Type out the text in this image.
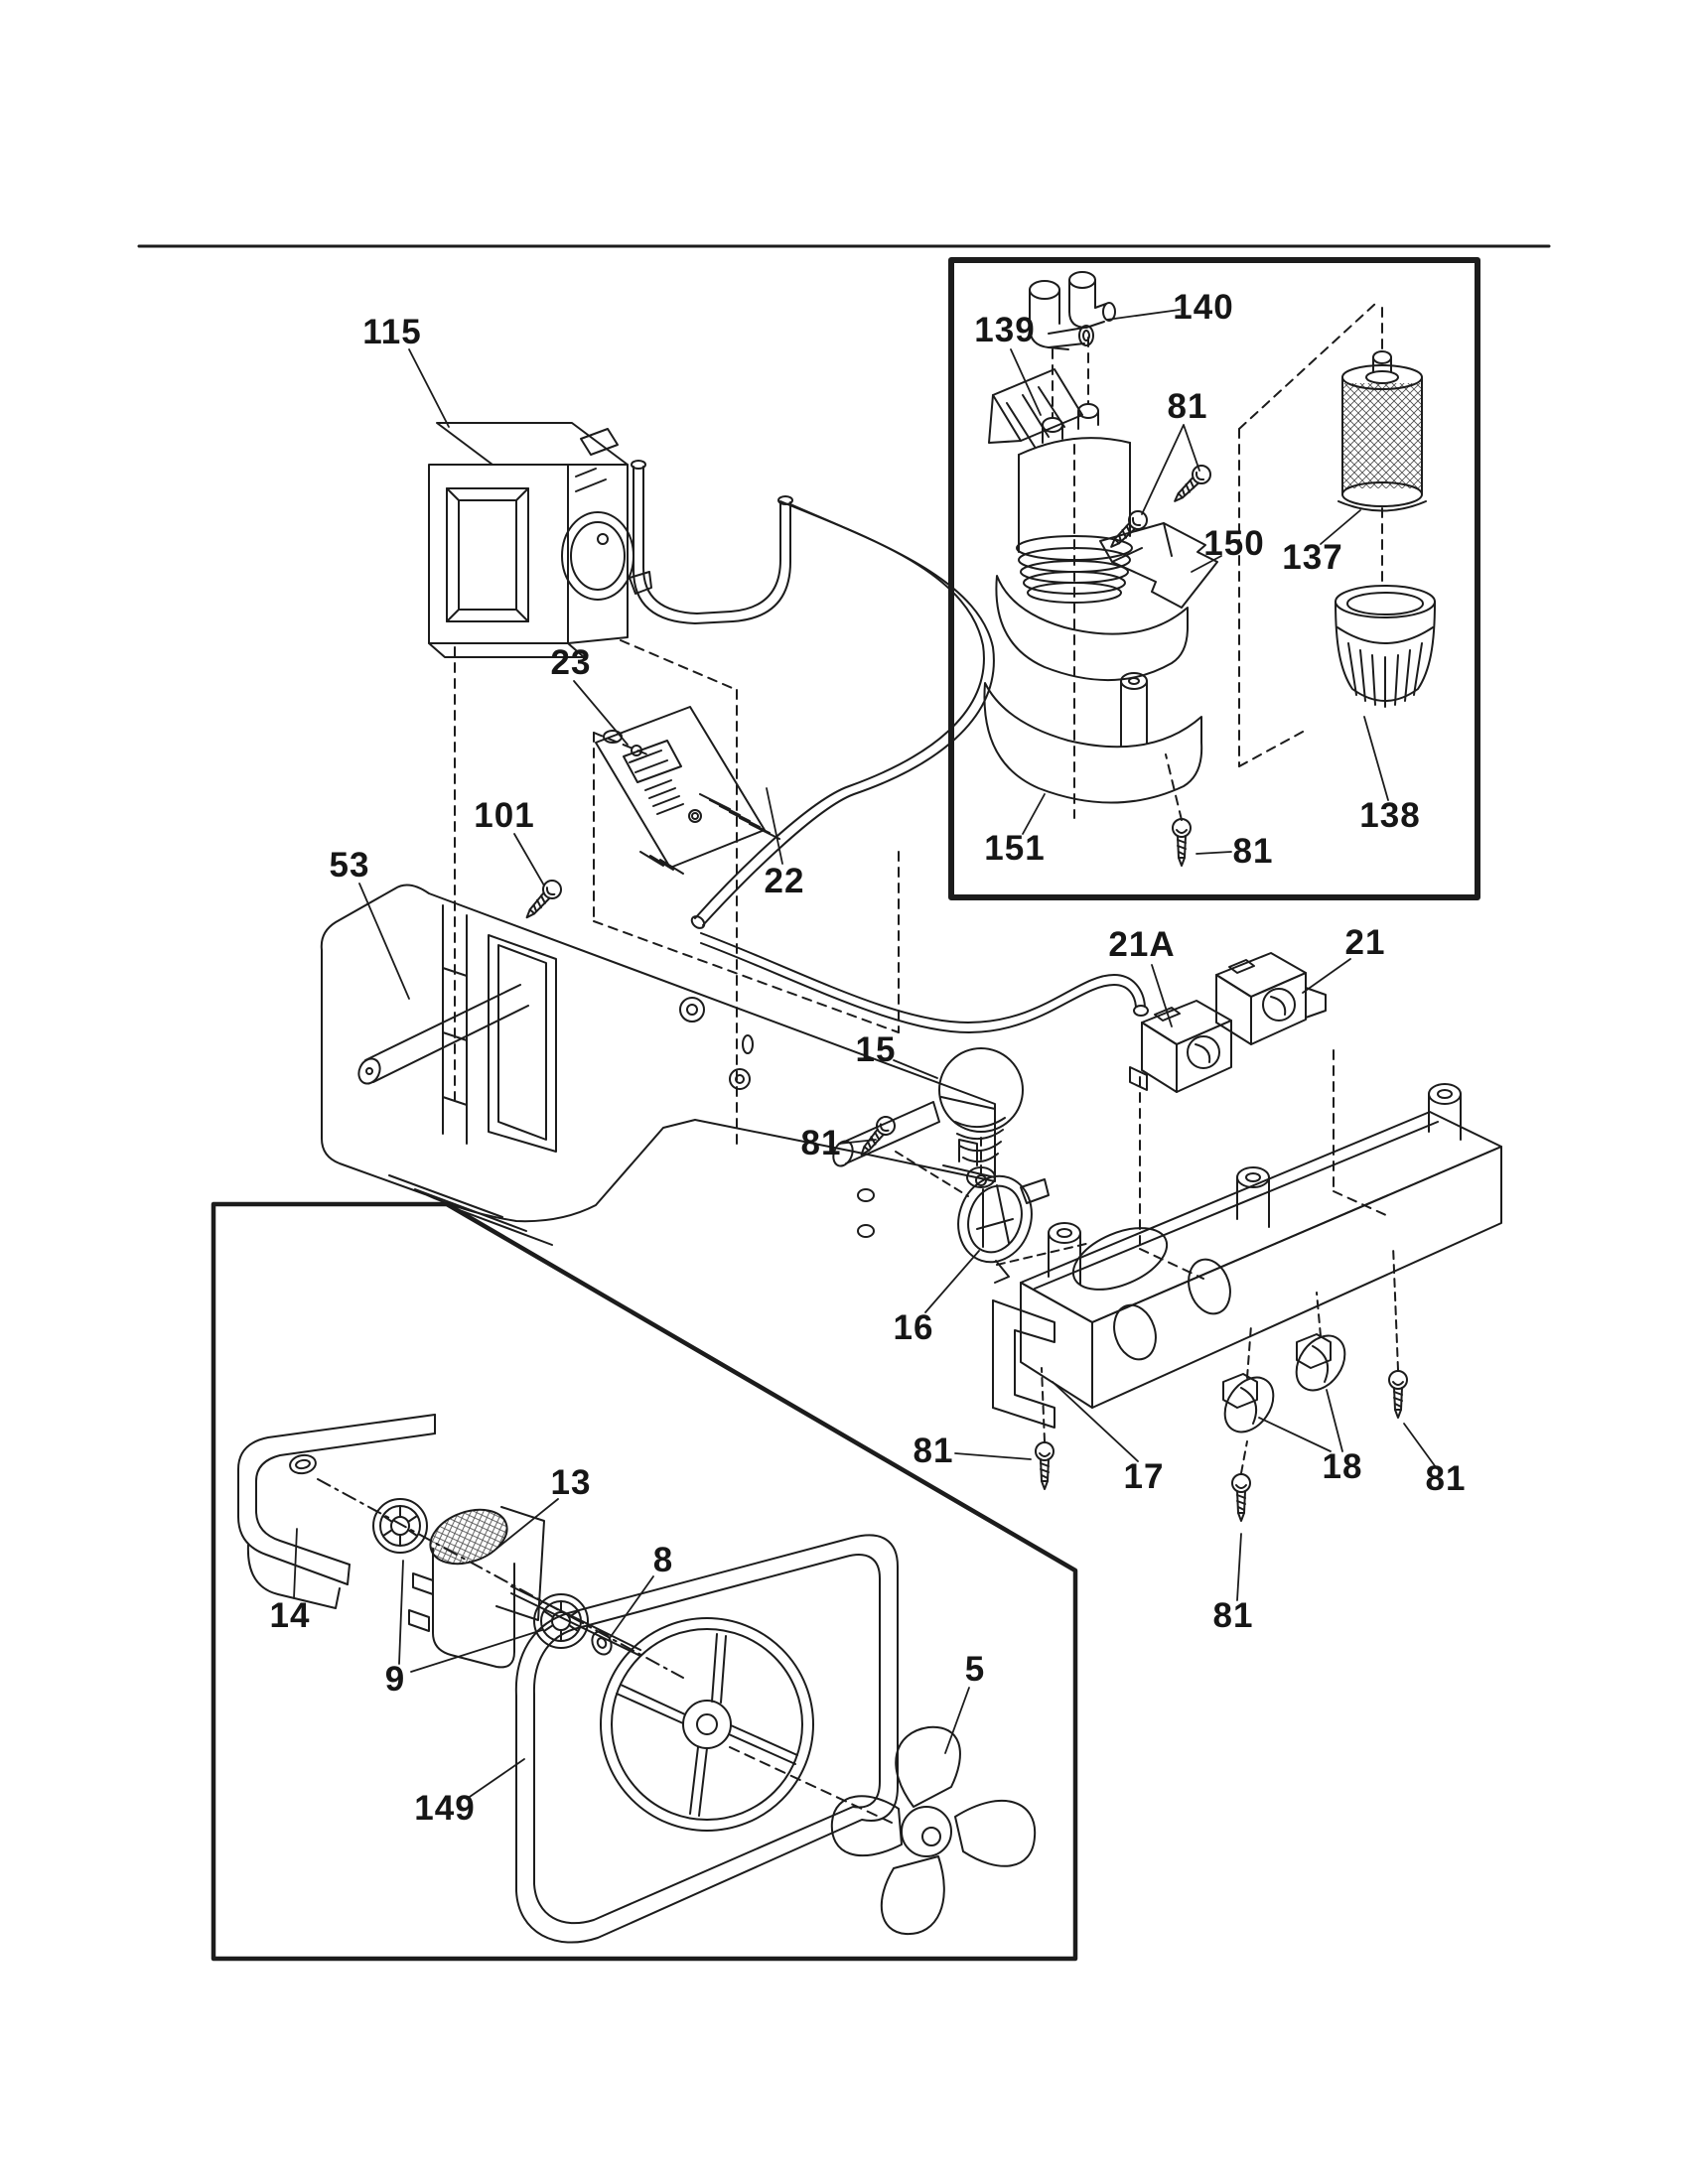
115	139
140
81
150 137
151	81
138
23
101
53	22
21A	21
15
81
16
81
17
81
18 81
14
13
9
8
149
5
